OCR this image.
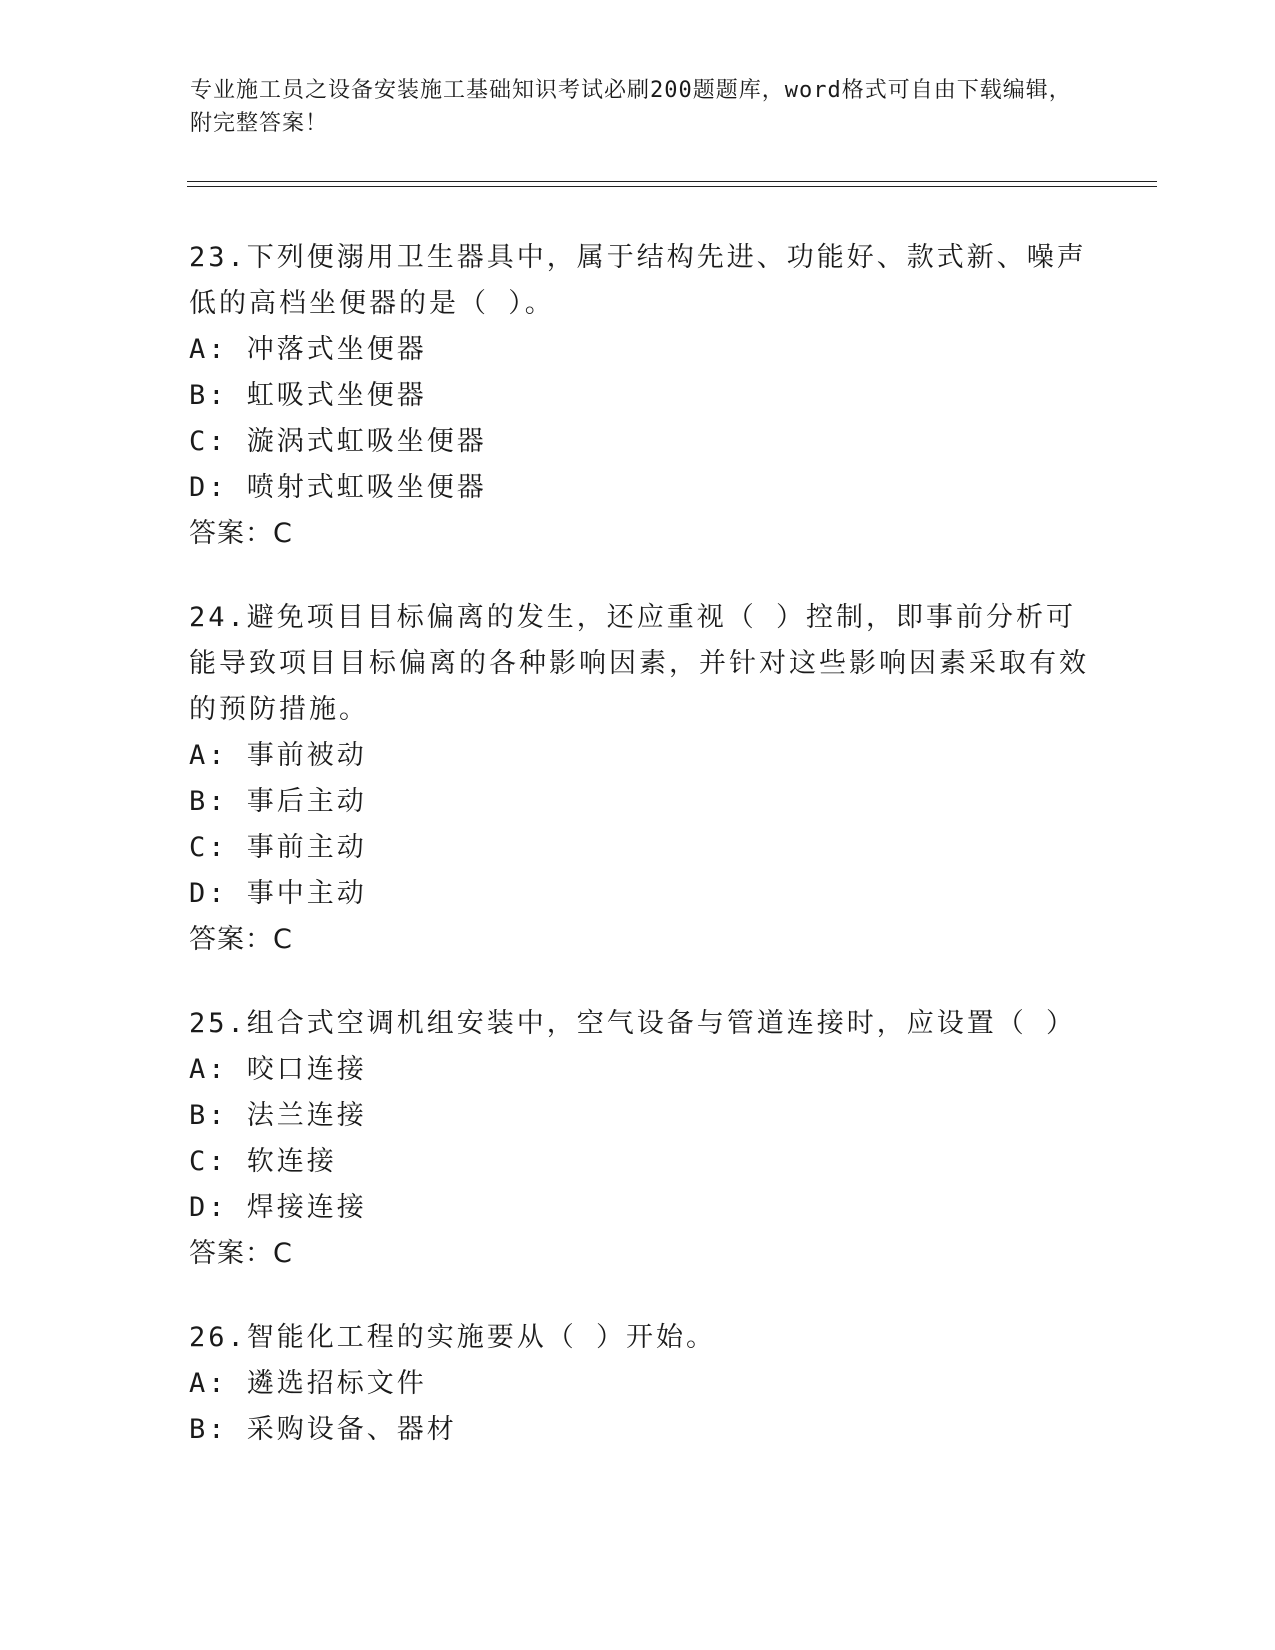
专业施工员之设备安装施工基础知识考试必刷200题题库，word格式可自由下载编辑，附完整答案！
23.下列便溺用卫生器具中，属于结构先进、功能好、款式新、噪声低的高档坐便器的是（ ）。
A: 冲落式坐便器
B: 虹吸式坐便器
C: 漩涡式虹吸坐便器
D: 喷射式虹吸坐便器
答案：C
24.避免项目目标偏离的发生，还应重视（ ）控制，即事前分析可能导致项目目标偏离的各种影响因素，并针对这些影响因素采取有效的预防措施。
A: 事前被动
B: 事后主动
C: 事前主动
D: 事中主动
答案：C
25.组合式空调机组安装中，空气设备与管道连接时，应设置（ ）
A: 咬口连接
B: 法兰连接
C: 软连接
D: 焊接连接
答案：C
26.智能化工程的实施要从（ ）开始。
A: 遴选招标文件
B: 采购设备、器材
